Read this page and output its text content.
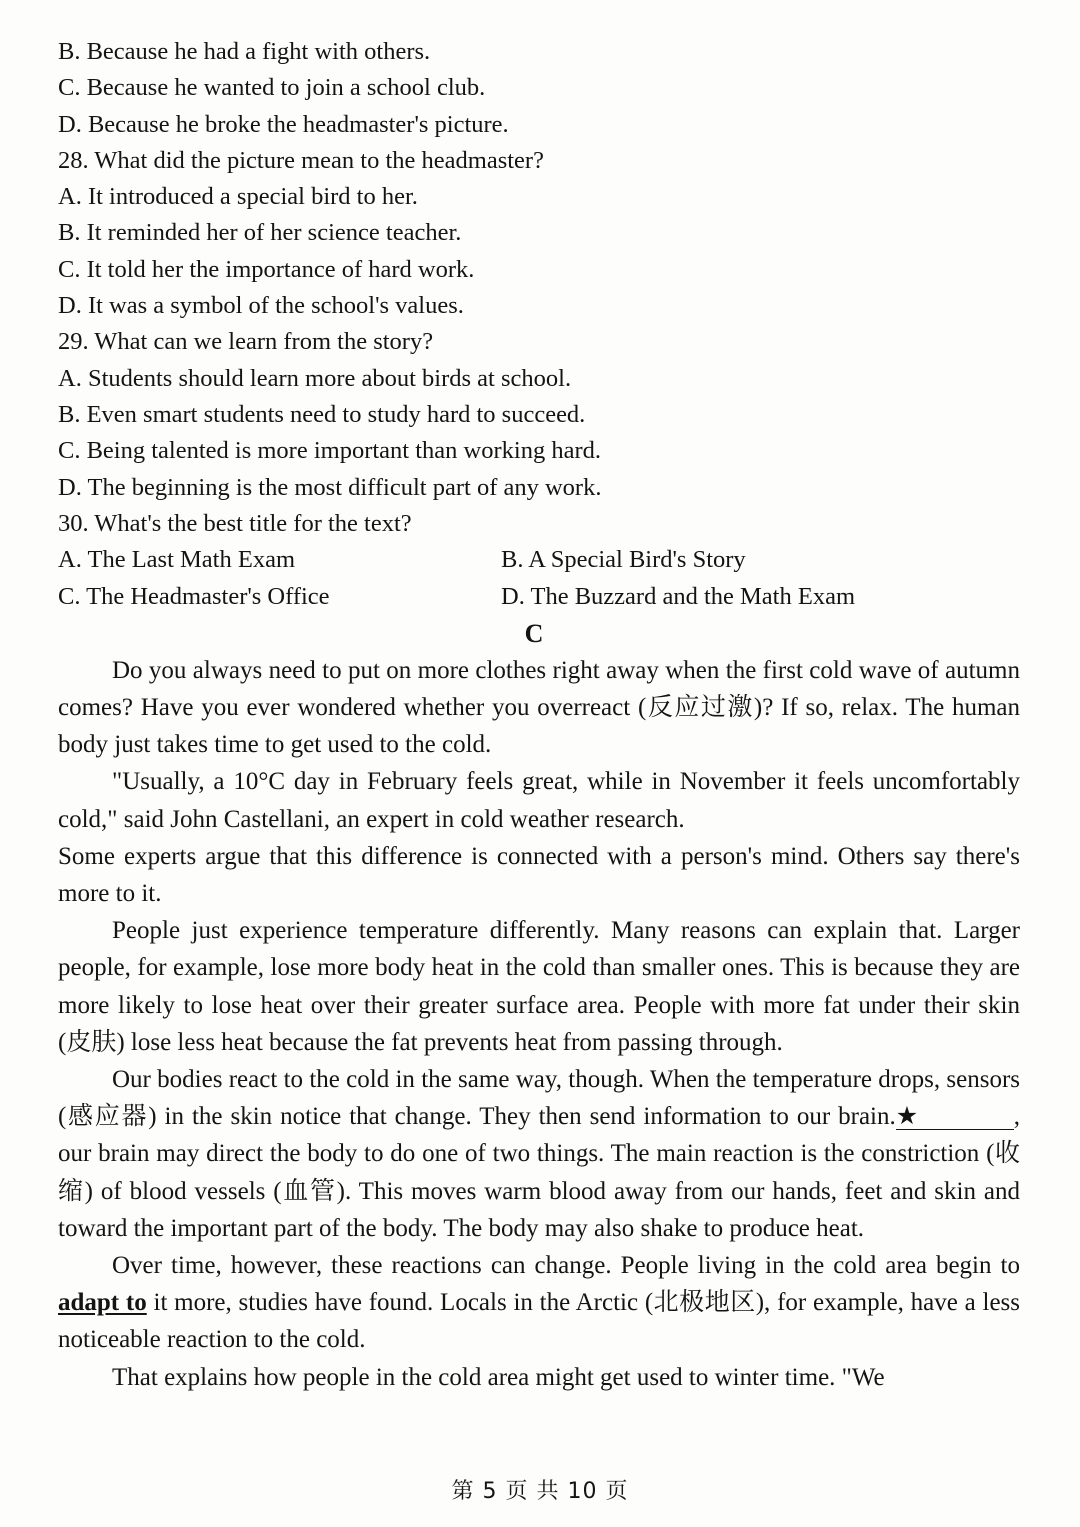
B. Because he had a fight with others.
C. Because he wanted to join a school club.
D. Because he broke the headmaster's picture.
28. What did the picture mean to the headmaster?
A. It introduced a special bird to her.
B. It reminded her of her science teacher.
C. It told her the importance of hard work.
D. It was a symbol of the school's values.
29. What can we learn from the story?
A. Students should learn more about birds at school.
B. Even smart students need to study hard to succeed.
C. Being talented is more important than working hard.
D. The beginning is the most difficult part of any work.
30. What's the best title for the text?
A. The Last Math Exam	B. A Special Bird's Story
C. The Headmaster's Office	D. The Buzzard and the Math Exam
C

Do you always need to put on more clothes right away when the first cold wave of autumn comes? Have you ever wondered whether you overreact (反应过激)? If so, relax. The human body just takes time to get used to the cold.

"Usually, a 10°C day in February feels great, while in November it feels uncomfortably cold," said John Castellani, an expert in cold weather research.

Some experts argue that this difference is connected with a person's mind. Others say there's more to it.

People just experience temperature differently. Many reasons can explain that. Larger people, for example, lose more body heat in the cold than smaller ones. This is because they are more likely to lose heat over their greater surface area. People with more fat under their skin (皮肤) lose less heat because the fat prevents heat from passing through.

Our bodies react to the cold in the same way, though. When the temperature drops, sensors (感应器) in the skin notice that change. They then send information to our brain.★	, our brain may direct the body to do one of two things. The main reaction is the constriction (收缩) of blood vessels (血管). This moves warm blood away from our hands, feet and skin and toward the important part of the body. The body may also shake to produce heat.

Over time, however, these reactions can change. People living in the cold area begin to adapt to it more, studies have found. Locals in the Arctic (北极地区), for example, have a less noticeable reaction to the cold.

That explains how people in the cold area might get used to winter time. "We

第 5 页 共 10 页
